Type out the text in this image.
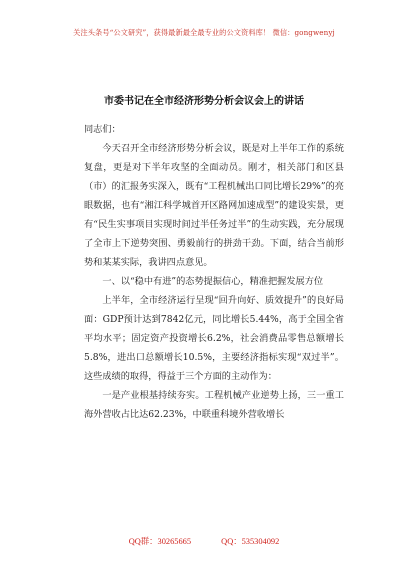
关注头条号“公文研究”，获得最新最全最专业的公文资料库！ 微信：gongwenyj
市委书记在全市经济形势分析会议会上的讲话

同志们：

今天召开全市经济形势分析会议，既是对上半年工作的系统复盘，更是对下半年攻坚的全面动员。刚才，相关部门和区县（市）的汇报务实深入，既有“工程机械出口同比增长29%”的亮眼数据，也有“湘江科学城首开区路网加速成型”的建设实景，更有“民生实事项目实现时间过半任务过半”的生动实践，充分展现了全市上下逆势突围、勇毅前行的拼劲干劲。下面，结合当前形势和某某实际，我讲四点意见。

一、以“稳中有进”的态势提振信心，精准把握发展方位

上半年，全市经济运行呈现“回升向好、质效提升”的良好局面：GDP预计达到7842亿元，同比增长5.44%，高于全国全省平均水平；固定资产投资增长6.2%，社会消费品零售总额增长5.8%，进出口总额增长10.5%，主要经济指标实现“双过半”。这些成绩的取得，得益于三个方面的主动作为：

一是产业根基持续夯实。工程机械产业逆势上扬，三一重工海外营收占比达62.23%，中联重科境外营收增长

QQ群：30265665	QQ：535304092
